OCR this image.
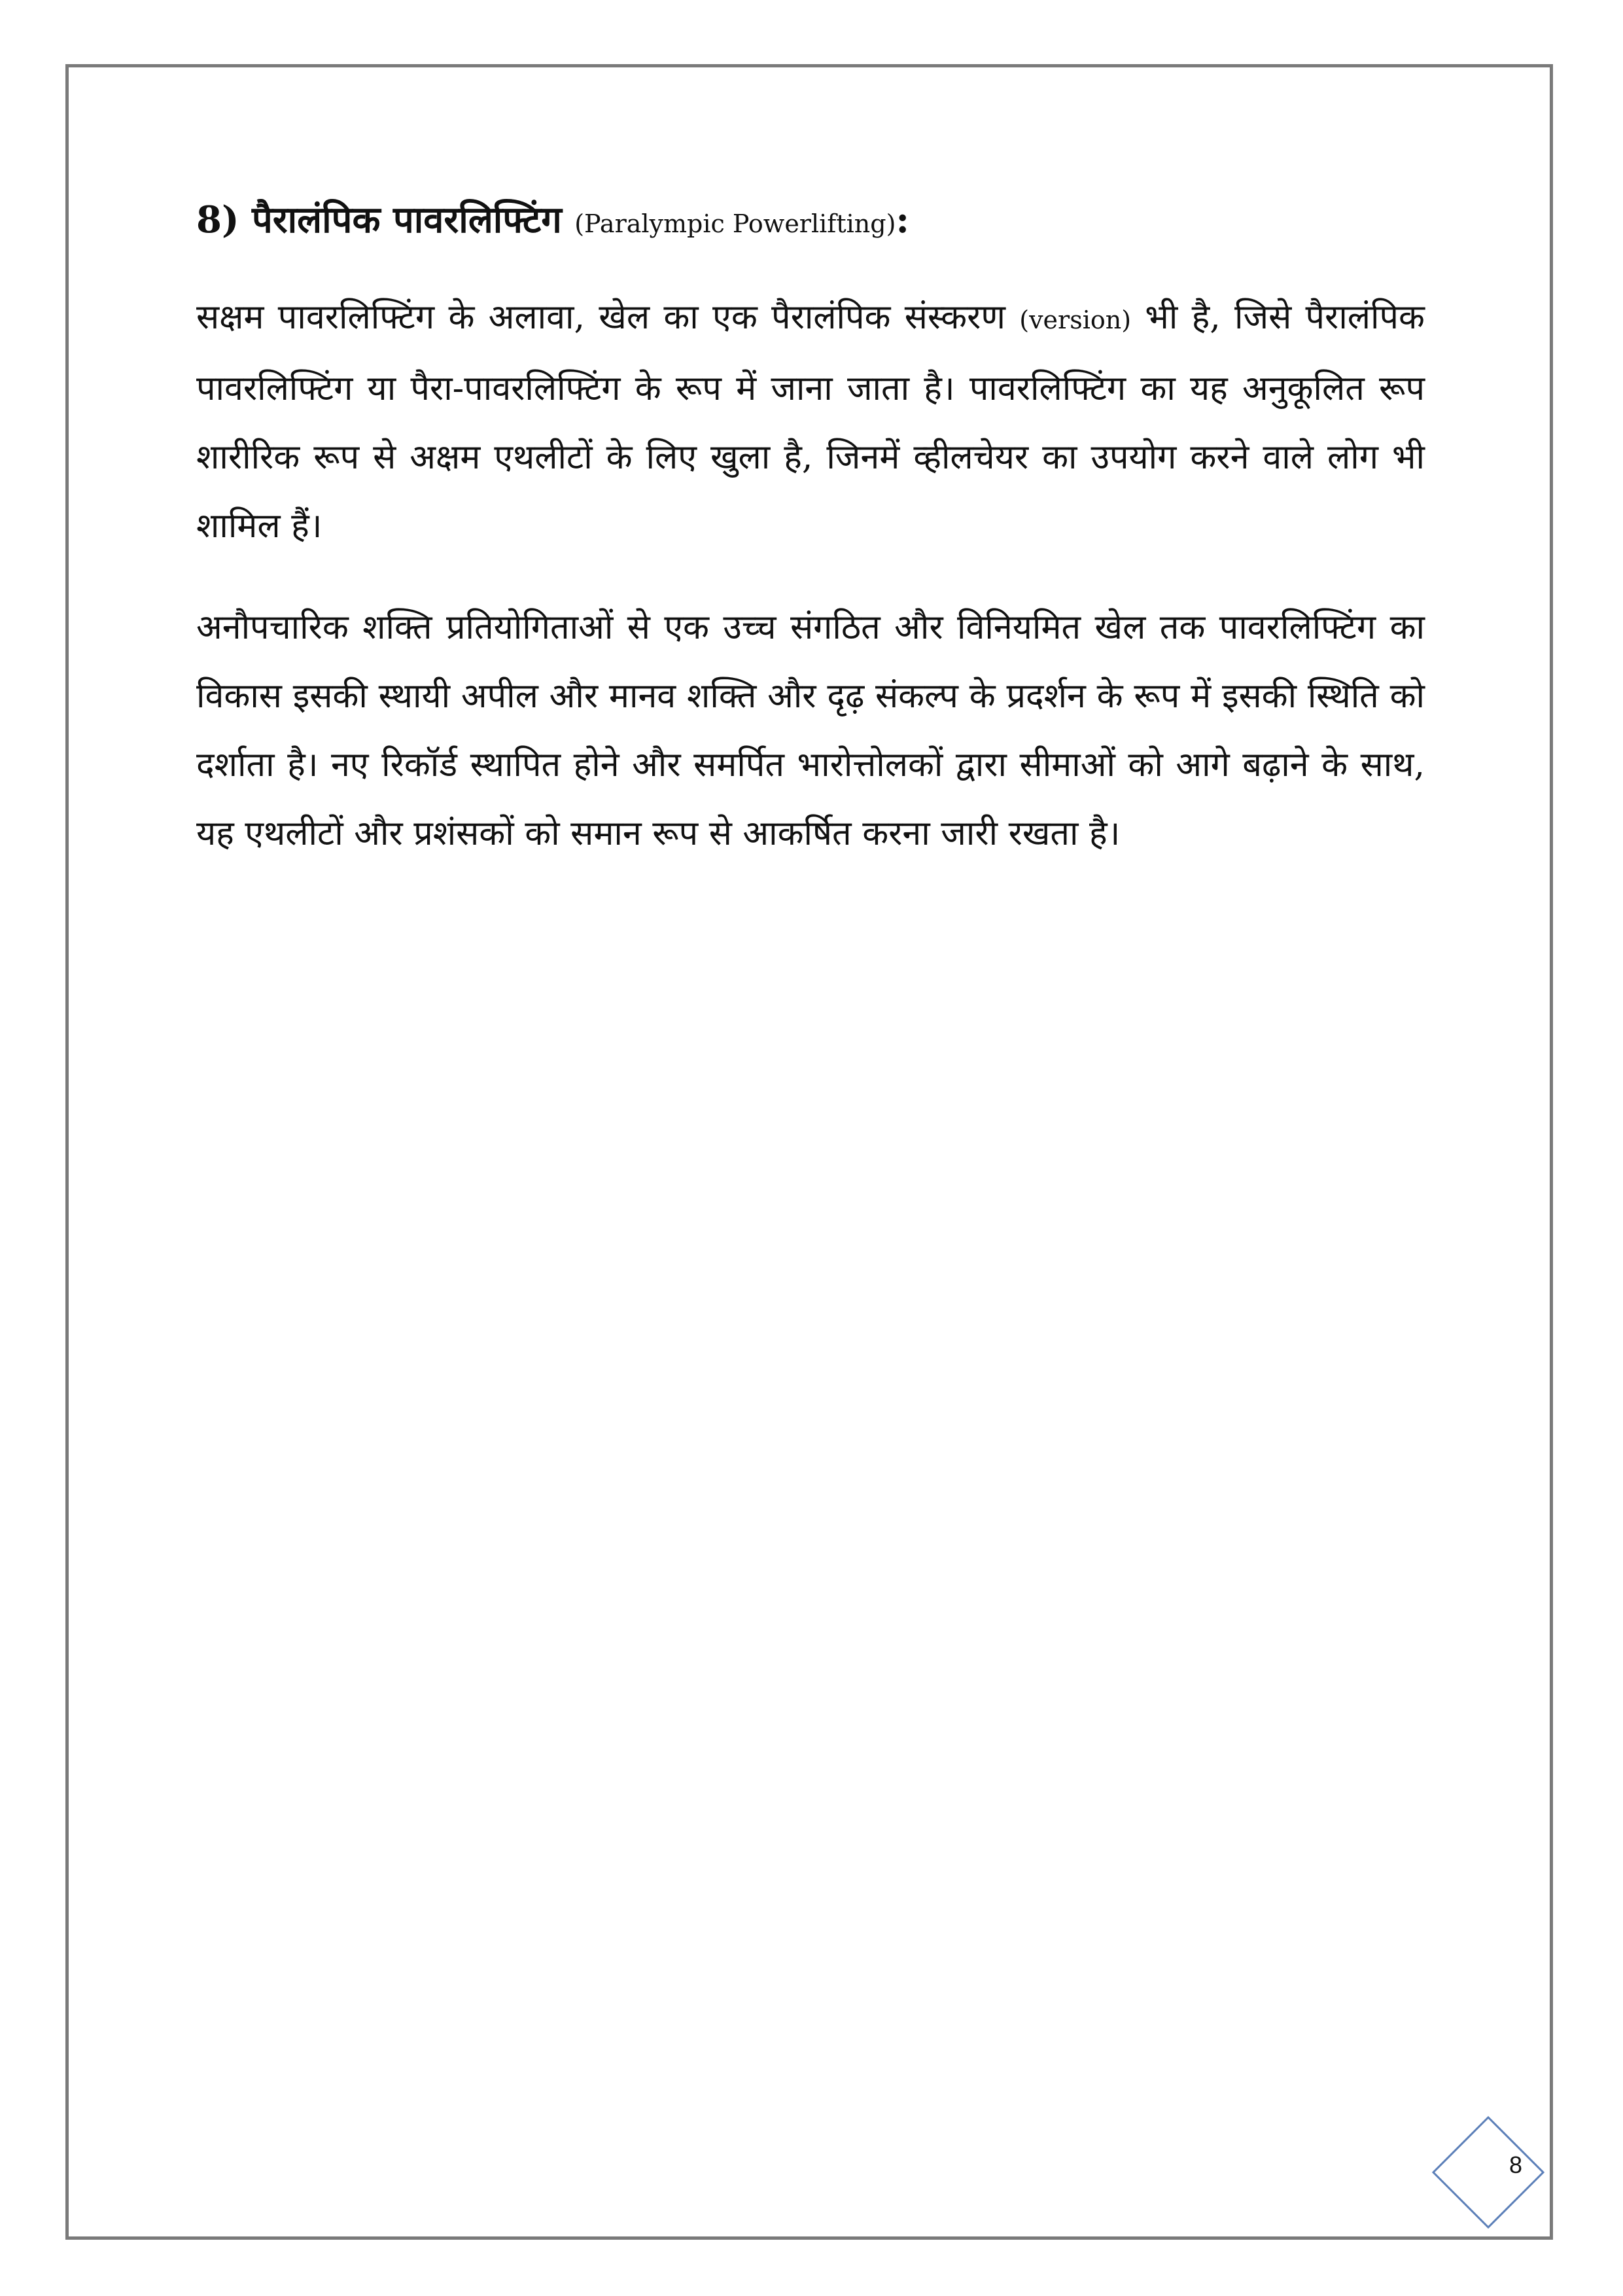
8) पैरालंपिक पावरलिफ्टिंग (Paralympic Powerlifting):

सक्षम पावरलिफ्टिंग के अलावा, खेल का एक पैरालंपिक संस्करण (version) भी है, जिसे पैरालंपिक पावरलिफ्टिंग या पैरा-पावरलिफ्टिंग के रूप में जाना जाता है। पावरलिफ्टिंग का यह अनुकूलित रूप शारीरिक रूप से अक्षम एथलीटों के लिए खुला है, जिनमें व्हीलचेयर का उपयोग करने वाले लोग भी शामिल हैं।

अनौपचारिक शक्ति प्रतियोगिताओं से एक उच्च संगठित और विनियमित खेल तक पावरलिफ्टिंग का विकास इसकी स्थायी अपील और मानव शक्ति और दृढ़ संकल्प के प्रदर्शन के रूप में इसकी स्थिति को दर्शाता है। नए रिकॉर्ड स्थापित होने और समर्पित भारोत्तोलकों द्वारा सीमाओं को आगे बढ़ाने के साथ, यह एथलीटों और प्रशंसकों को समान रूप से आकर्षित करना जारी रखता है।

8
